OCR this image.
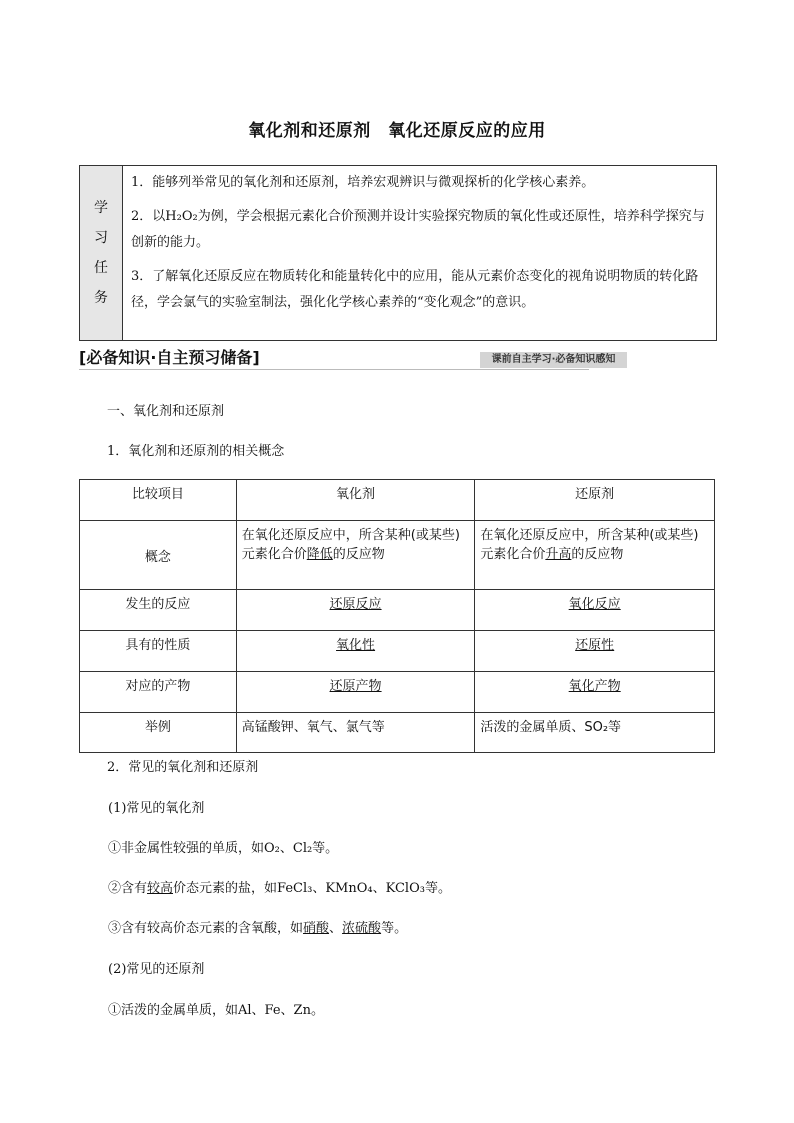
氧化剂和还原剂　氧化还原反应的应用
学
习
任
务

1．能够列举常见的氧化剂和还原剂，培养宏观辨识与微观探析的化学核心素养。

2．以H₂O₂为例，学会根据元素化合价预测并设计实验探究物质的氧化性或还原性，培养科学探究与创新的能力。

3．了解氧化还原反应在物质转化和能量转化中的应用，能从元素价态变化的视角说明物质的转化路径，学会氯气的实验室制法，强化化学核心素养的“变化观念”的意识。

[必备知识·自主预习储备]	课前自主学习·必备知识感知
一、氧化剂和还原剂
1．氧化剂和还原剂的相关概念
比较项目	氧化剂	还原剂
概念	在氧化还原反应中，所含某种(或某些)元素化合价降低的反应物	在氧化还原反应中，所含某种(或某些)元素化合价升高的反应物
发生的反应	还原反应	氧化反应
具有的性质	氧化性	还原性
对应的产物	还原产物	氧化产物
举例	高锰酸钾、氧气、氯气等	活泼的金属单质、SO₂等
2．常见的氧化剂和还原剂
(1)常见的氧化剂
①非金属性较强的单质，如O₂、Cl₂等。
②含有较高价态元素的盐，如FeCl₃、KMnO₄、KClO₃等。
③含有较高价态元素的含氧酸，如硝酸、浓硫酸等。
(2)常见的还原剂
①活泼的金属单质，如Al、Fe、Zn。
